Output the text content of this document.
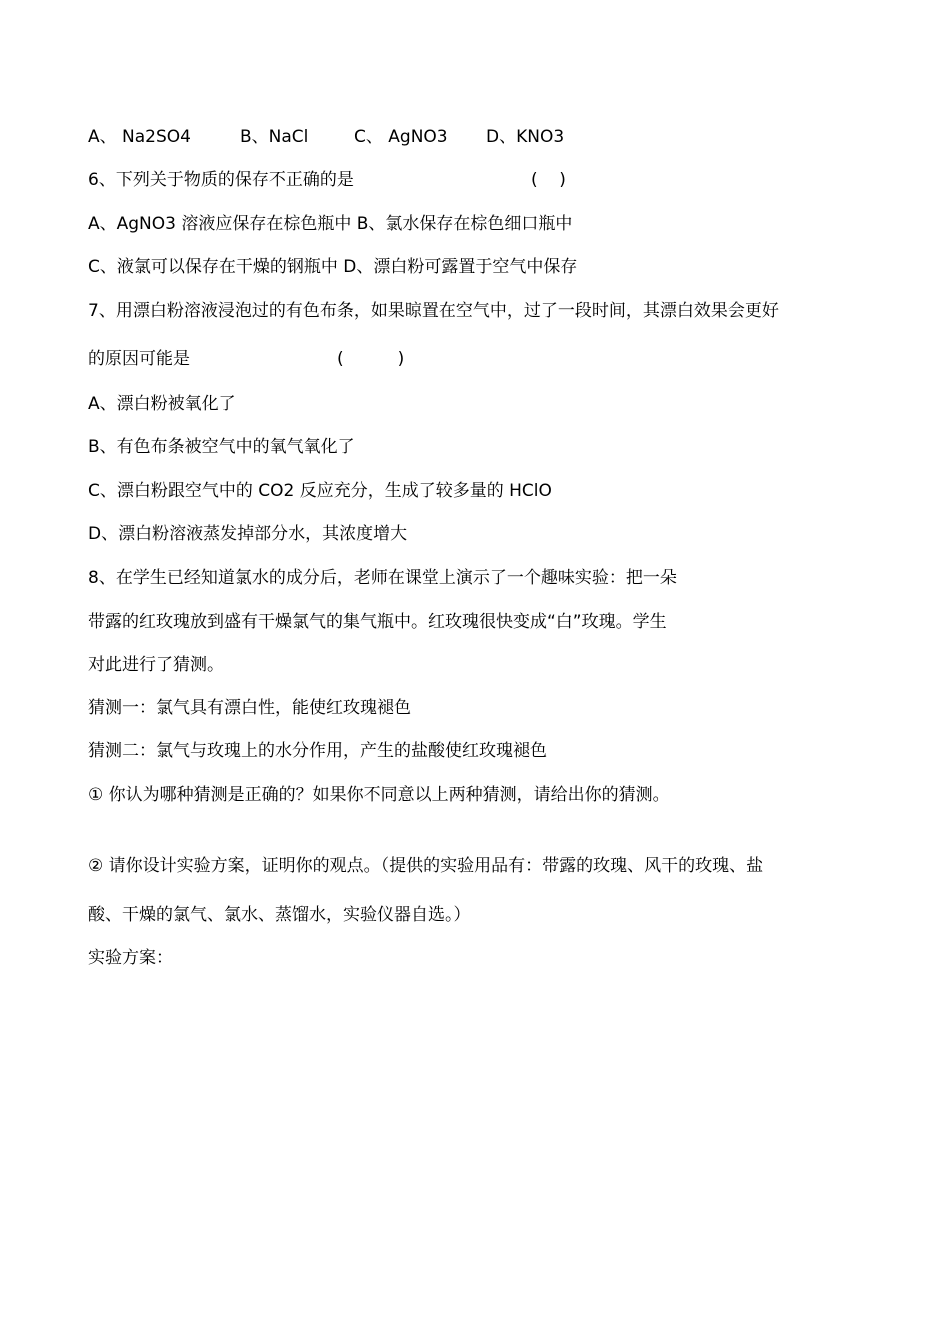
A、 Na2SO4	B、NaCl	C、 AgNO3 D、KNO3
6、下列关于物质的保存不正确的是	(    )
A、AgNO3 溶液应保存在棕色瓶中 B、氯水保存在棕色细口瓶中
C、液氯可以保存在干燥的钢瓶中 D、漂白粉可露置于空气中保存
7、用漂白粉溶液浸泡过的有色布条，如果晾置在空气中，过了一段时间，其漂白效果会更好
的原因可能是	(          )
A、漂白粉被氧化了
B、有色布条被空气中的氧气氧化了
C、漂白粉跟空气中的 CO2 反应充分，生成了较多量的 HClO
D、漂白粉溶液蒸发掉部分水，其浓度增大
8、在学生已经知道氯水的成分后，老师在课堂上演示了一个趣味实验：把一朵
带露的红玫瑰放到盛有干燥氯气的集气瓶中。红玫瑰很快变成“白”玫瑰。学生
对此进行了猜测。
猜测一：氯气具有漂白性，能使红玫瑰褪色
猜测二：氯气与玫瑰上的水分作用，产生的盐酸使红玫瑰褪色
① 你认为哪种猜测是正确的？如果你不同意以上两种猜测，请给出你的猜测。
② 请你设计实验方案，证明你的观点。（提供的实验用品有：带露的玫瑰、风干的玫瑰、盐
酸、干燥的氯气、氯水、蒸馏水，实验仪器自选。）
实验方案：
